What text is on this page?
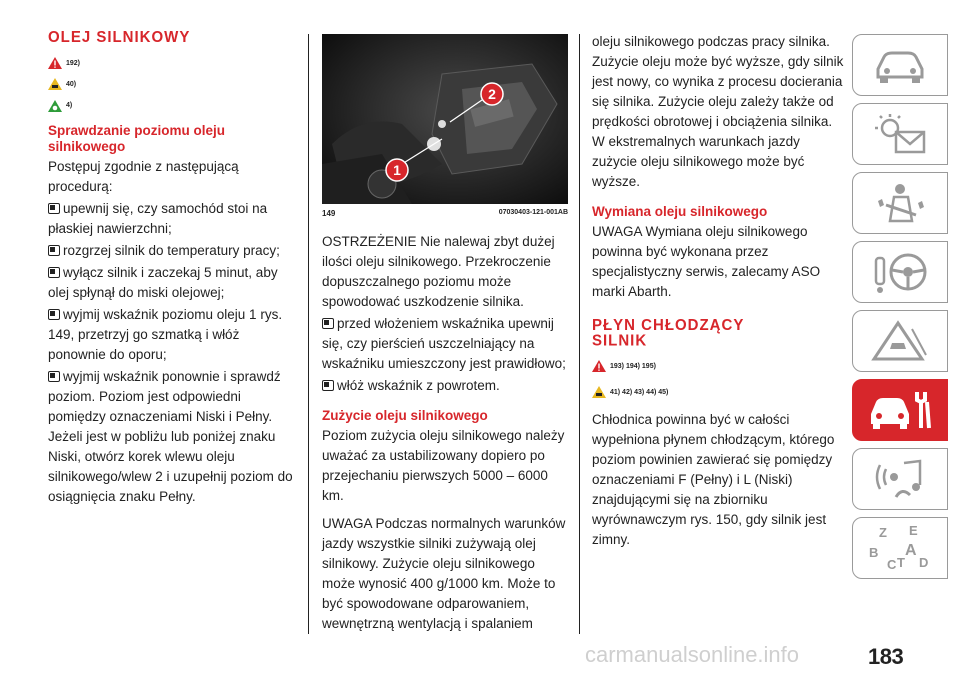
OLEJ SILNIKOWY
192)
40)
4)
Sprawdzanie poziomu oleju silnikowego

Postępuj zgodnie z następującą procedurą:

upewnij się, czy samochód stoi na płaskiej nawierzchni;

rozgrzej silnik do temperatury pracy;

wyłącz silnik i zaczekaj 5 minut, aby olej spłynął do miski olejowej;

wyjmij wskaźnik poziomu oleju 1 rys. 149, przetrzyj go szmatką i włóż ponownie do oporu;

wyjmij wskaźnik ponownie i sprawdź poziom. Poziom jest odpowiedni pomiędzy oznaczeniami Niski i Pełny. Jeżeli jest w pobliżu lub poniżej znaku Niski, otwórz korek wlewu oleju silnikowego/wlew 2 i uzupełnij poziom do osiągnięcia znaku Pełny.

1
2
149	07030403-121-001AB

OSTRZEŻENIE Nie nalewaj zbyt dużej ilości oleju silnikowego. Przekroczenie dopuszczalnego poziomu może spowodować uszkodzenie silnika.

przed włożeniem wskaźnika upewnij się, czy pierścień uszczelniający na wskaźniku umieszczony jest prawidłowo;

włóż wskaźnik z powrotem.

Zużycie oleju silnikowego

Poziom zużycia oleju silnikowego należy uważać za ustabilizowany dopiero po przejechaniu pierwszych 5000 – 6000 km.

UWAGA Podczas normalnych warunków jazdy wszystkie silniki zużywają olej silnikowy. Zużycie oleju silnikowego może wynosić 400 g/1000 km. Może to być spowodowane odparowaniem, wewnętrzną wentylacją i spalaniem

oleju silnikowego podczas pracy silnika. Zużycie oleju może być wyższe, gdy silnik jest nowy, co wynika z procesu docierania się silnika. Zużycie oleju zależy także od prędkości obrotowej i obciążenia silnika. W ekstremalnych warunkach jazdy zużycie oleju silnikowego może być wyższe.

Wymiana oleju silnikowego

UWAGA Wymiana oleju silnikowego powinna być wykonana przez specjalistyczny serwis, zalecamy ASO marki Abarth.

PŁYN CHŁODZĄCY SILNIK
193) 194) 195)
41) 42) 43) 44) 45)

Chłodnica powinna być w całości wypełniona płynem chłodzącym, którego poziom powinien zawierać się pomiędzy oznaczeniami F (Pełny) i L (Niski) znajdującymi się na zbiorniku wyrównawczym rys. 150, gdy silnik jest zimny.	Z E
B A
C T D
carmanualsonline.info	183
